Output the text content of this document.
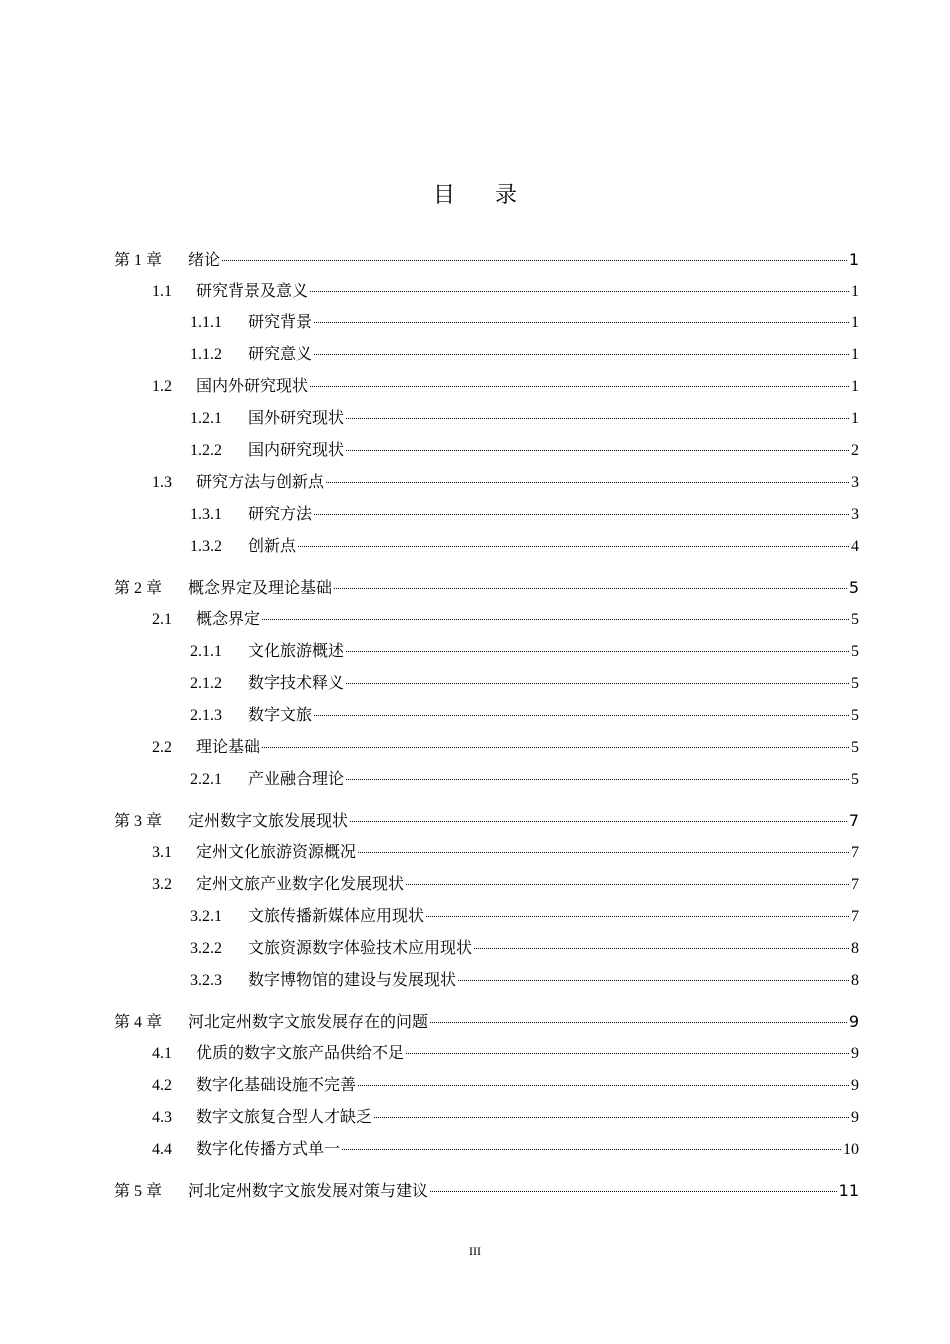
目 录
第 1 章	绪论	1
1.1	研究背景及意义	1
1.1.1	研究背景	1
1.1.2	研究意义	1
1.2	国内外研究现状	1
1.2.1	国外研究现状	1
1.2.2	国内研究现状	2
1.3	研究方法与创新点	3
1.3.1	研究方法	3
1.3.2	创新点	4
第 2 章	概念界定及理论基础	5
2.1	概念界定	5
2.1.1	文化旅游概述	5
2.1.2	数字技术释义	5
2.1.3	数字文旅	5
2.2	理论基础	5
2.2.1	产业融合理论	5
第 3 章	定州数字文旅发展现状	7
3.1	定州文化旅游资源概况	7
3.2	定州文旅产业数字化发展现状	7
3.2.1	文旅传播新媒体应用现状	7
3.2.2	文旅资源数字体验技术应用现状	8
3.2.3	数字博物馆的建设与发展现状	8
第 4 章	河北定州数字文旅发展存在的问题	9
4.1	优质的数字文旅产品供给不足	9
4.2	数字化基础设施不完善	9
4.3	数字文旅复合型人才缺乏	9
4.4	数字化传播方式单一	10
第 5 章	河北定州数字文旅发展对策与建议	11
III
